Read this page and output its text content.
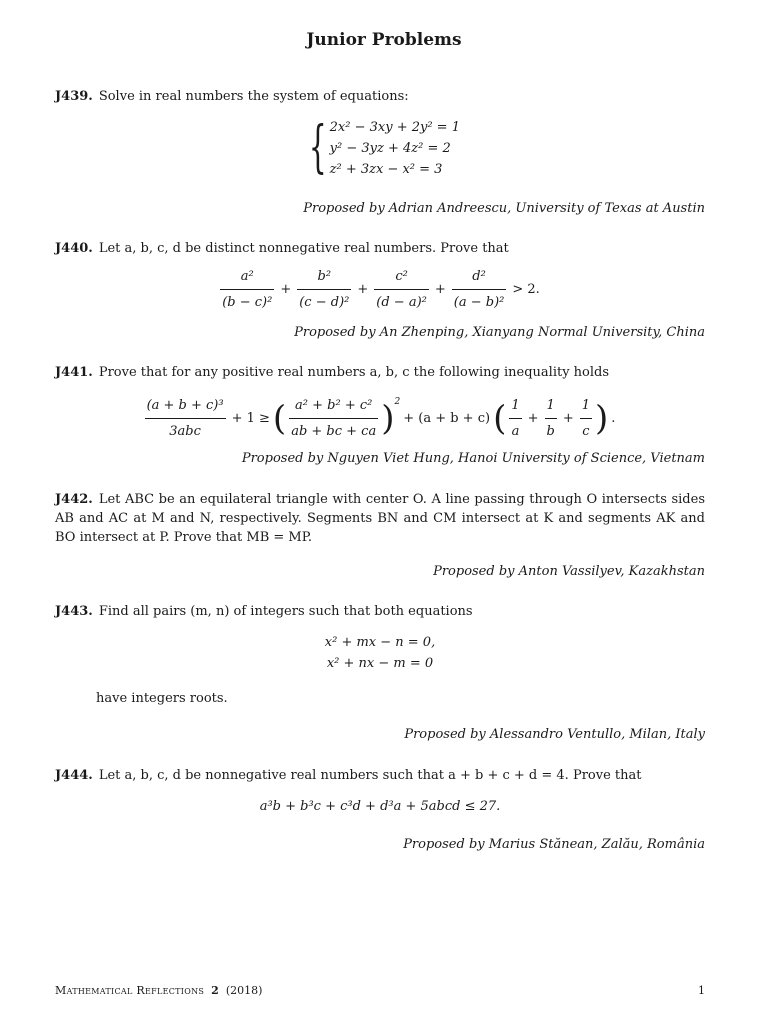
Junior Problems
J439. Solve in real numbers the system of equations:
{ 2x² − 3xy + 2y² = 1
y² − 3yz + 4z² = 2
z² + 3zx − x² = 3
Proposed by Adrian Andreescu, University of Texas at Austin
J440. Let a, b, c, d be distinct nonnegative real numbers. Prove that
$\frac{\text{a²}}{\text{(b − c)²}} + \frac{\text{b²}}{\text{(c − d)²}} + \frac{\text{c²}}{\text{(d − a)²}} + \frac{\text{d²}}{\text{(a − b)²}} > 2$.
Proposed by An Zhenping, Xianyang Normal University, China
J441. Prove that for any positive real numbers a, b, c the following inequality holds
$\frac{\text{(a + b + c)³}}{\text{3abc}} + 1$ ≥( $\frac{\text{a² + b² + c²}}{ab + bc + ca} )^2+ (a + b + c)( \frac{1}{a} + \frac{1}{b} + \frac{1}{c}$ ) .
Proposed by Nguyen Viet Hung, Hanoi University of Science, Vietnam
J442. Let ABC be an equilateral triangle with center O. A line passing through O intersects sides AB and AC at M and N, respectively. Segments BN and CM intersect at K and segments AK and BO intersect at P. Prove that MB = MP.
Proposed by Anton Vassilyev, Kazakhstan
J443. Find all pairs (m, n) of integers such that both equations
x² + mx − n = 0,
x² + nx − m = 0
have integers roots.
Proposed by Alessandro Ventullo, Milan, Italy
J444. Let a, b, c, d be nonnegative real numbers such that a + b + c + d = 4. Prove that
a³b + b³c + c³d + d³a + 5abcd ≤ 27.
Proposed by Marius Stănean, Zalău, România
Mathematical Reflections 2 (2018)	1
